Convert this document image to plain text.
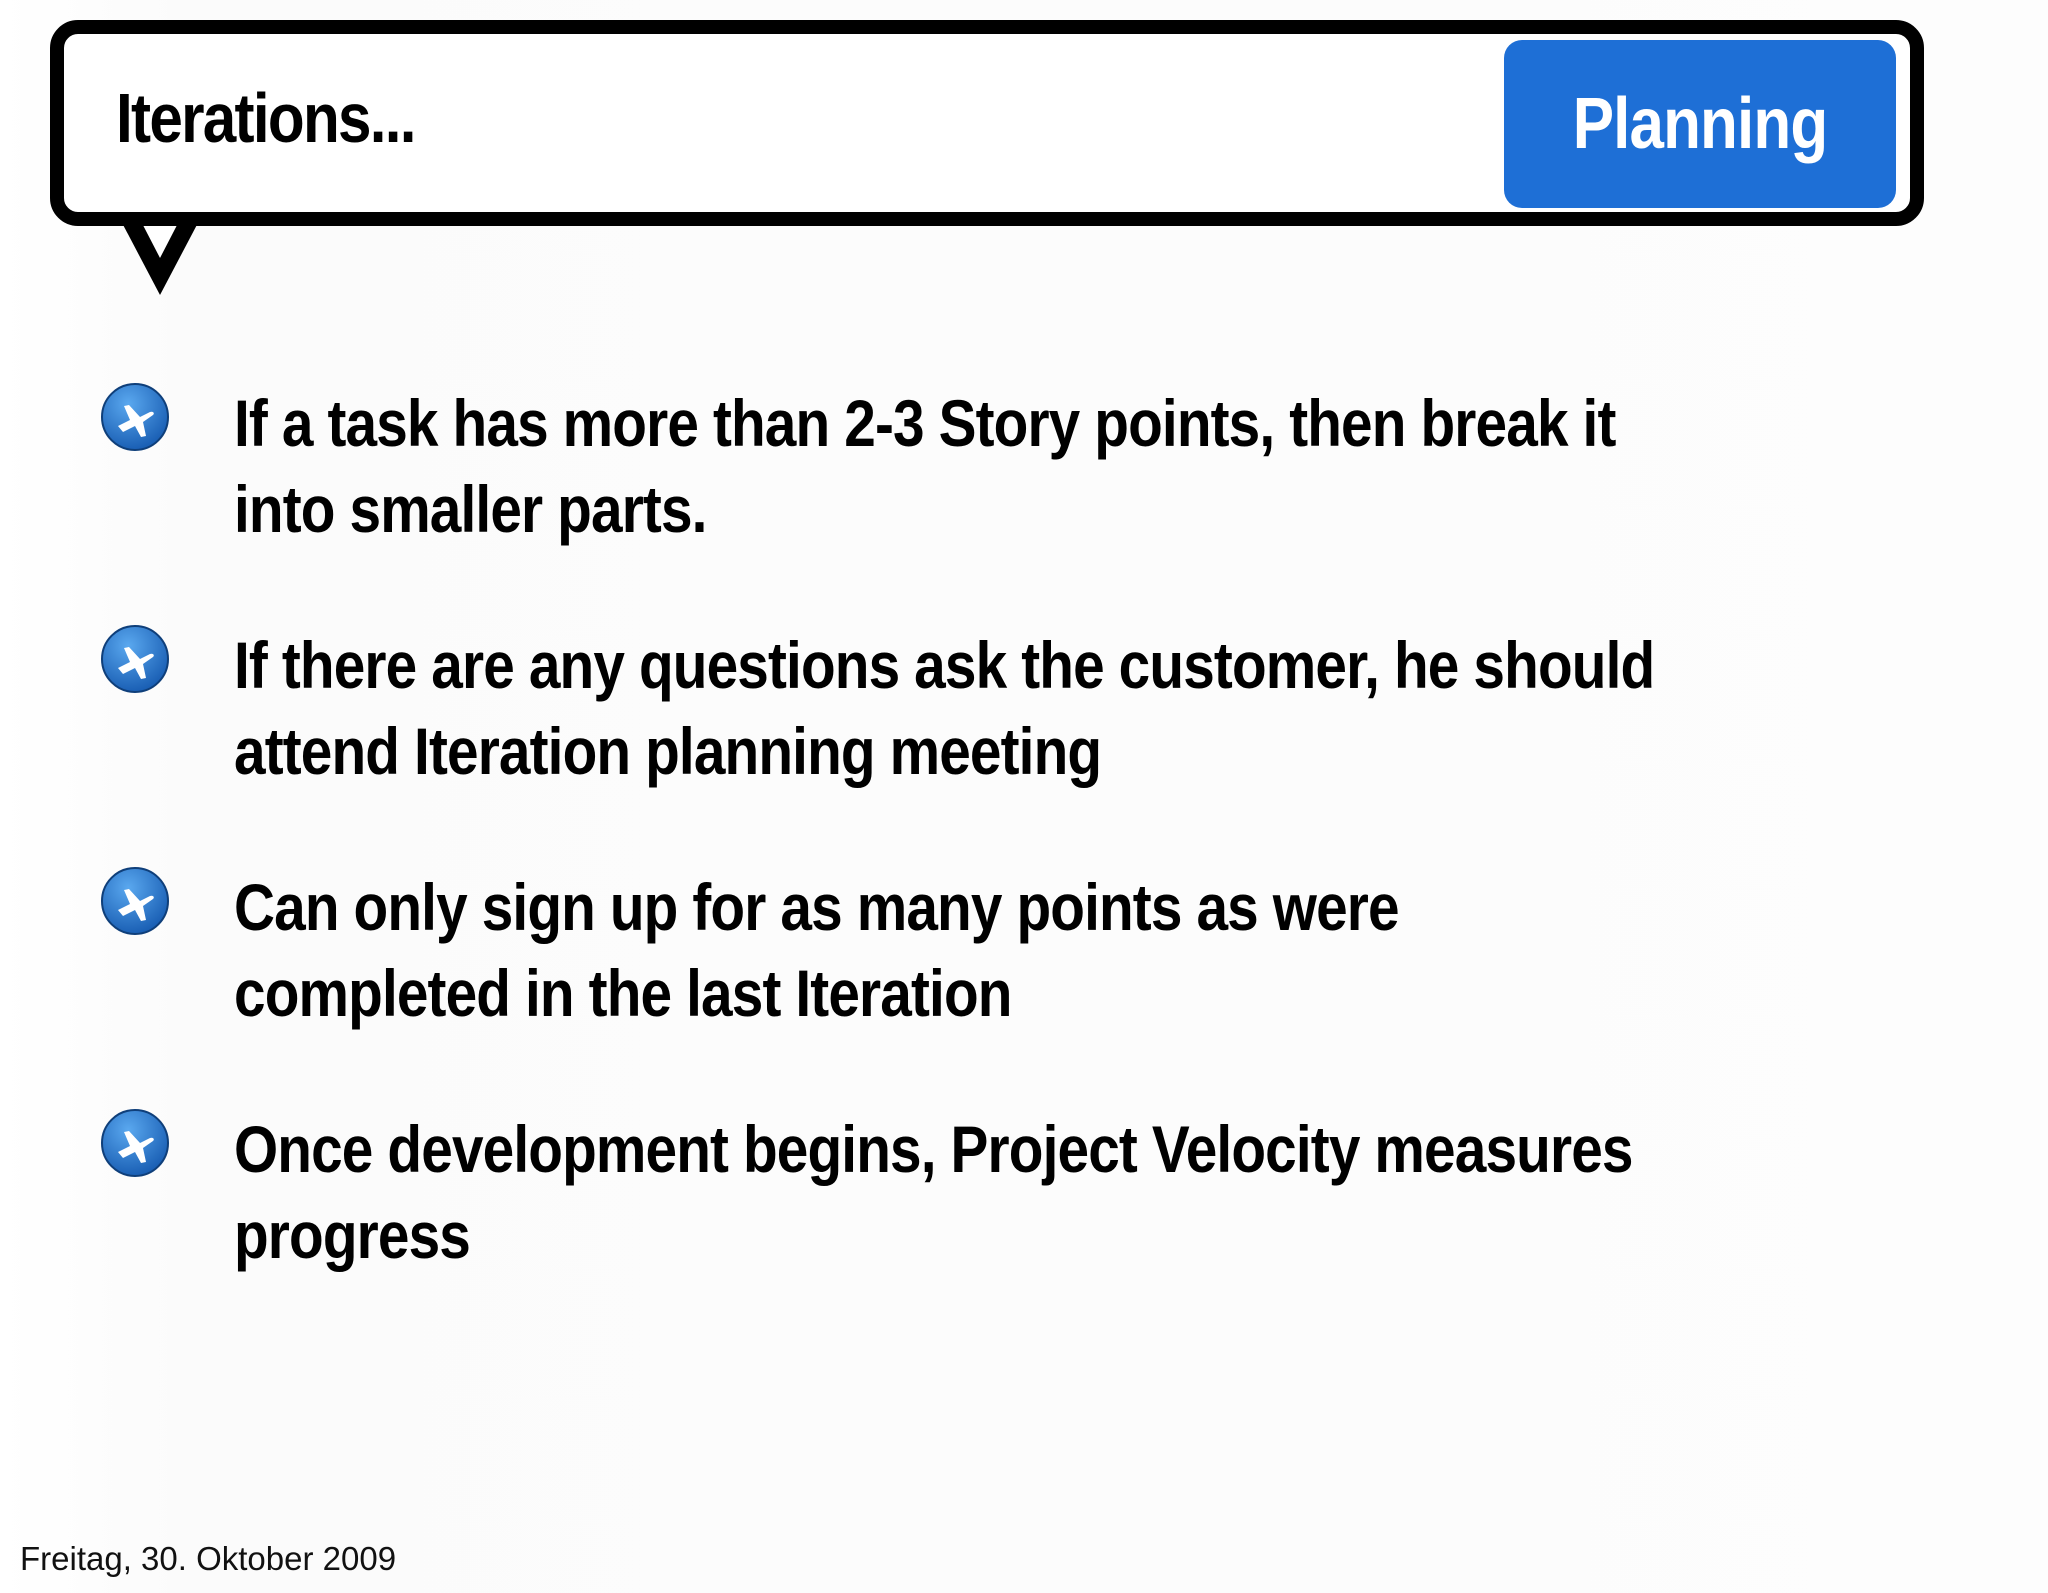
Iterations...	Planning
If a task has more than 2-3 Story points, then break it into smaller parts.
If there are any questions ask the customer, he should attend Iteration planning meeting
Can only sign up for as many points as were completed in the last Iteration
Once development begins, Project Velocity measures progress
Freitag, 30. Oktober 2009
